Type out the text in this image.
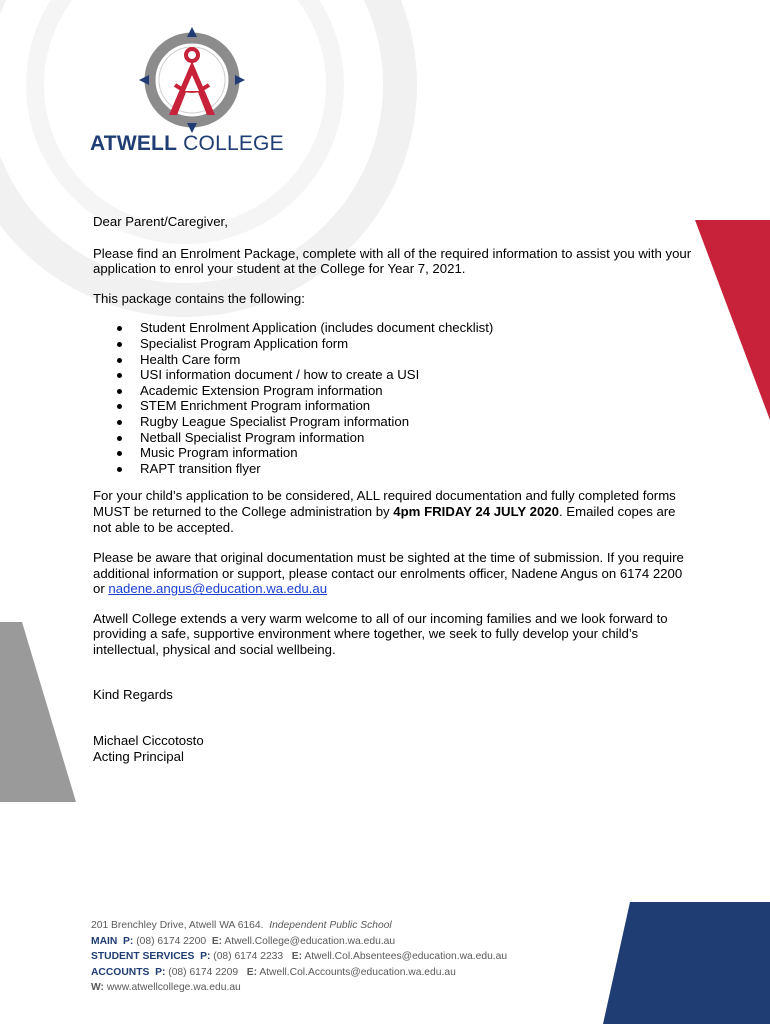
ATWELL COLLEGE

Dear Parent/Caregiver,

Please find an Enrolment Package, complete with all of the required information to assist you with your application to enrol your student at the College for Year 7, 2021.

This package contains the following:

Student Enrolment Application (includes document checklist)
Specialist Program Application form
Health Care form
USI information document / how to create a USI
Academic Extension Program information
STEM Enrichment Program information
Rugby League Specialist Program information
Netball Specialist Program information
Music Program information
RAPT transition flyer

For your child’s application to be considered, ALL required documentation and fully completed forms MUST be returned to the College administration by 4pm FRIDAY 24 JULY 2020. Emailed copes are not able to be accepted.

Please be aware that original documentation must be sighted at the time of submission. If you require additional information or support, please contact our enrolments officer, Nadene Angus on 6174 2200 or nadene.angus@education.wa.edu.au

Atwell College extends a very warm welcome to all of our incoming families and we look forward to providing a safe, supportive environment where together, we seek to fully develop your child’s intellectual, physical and social wellbeing.

Kind Regards

Michael Ciccotosto

Acting Principal

201 Brenchley Drive, Atwell WA 6164. Independent Public School
MAIN P: (08) 6174 2200 E: Atwell.College@education.wa.edu.au
STUDENT SERVICES P: (08) 6174 2233 E: Atwell.Col.Absentees@education.wa.edu.au
ACCOUNTS P: (08) 6174 2209 E: Atwell.Col.Accounts@education.wa.edu.au
W: www.atwellcollege.wa.edu.au
